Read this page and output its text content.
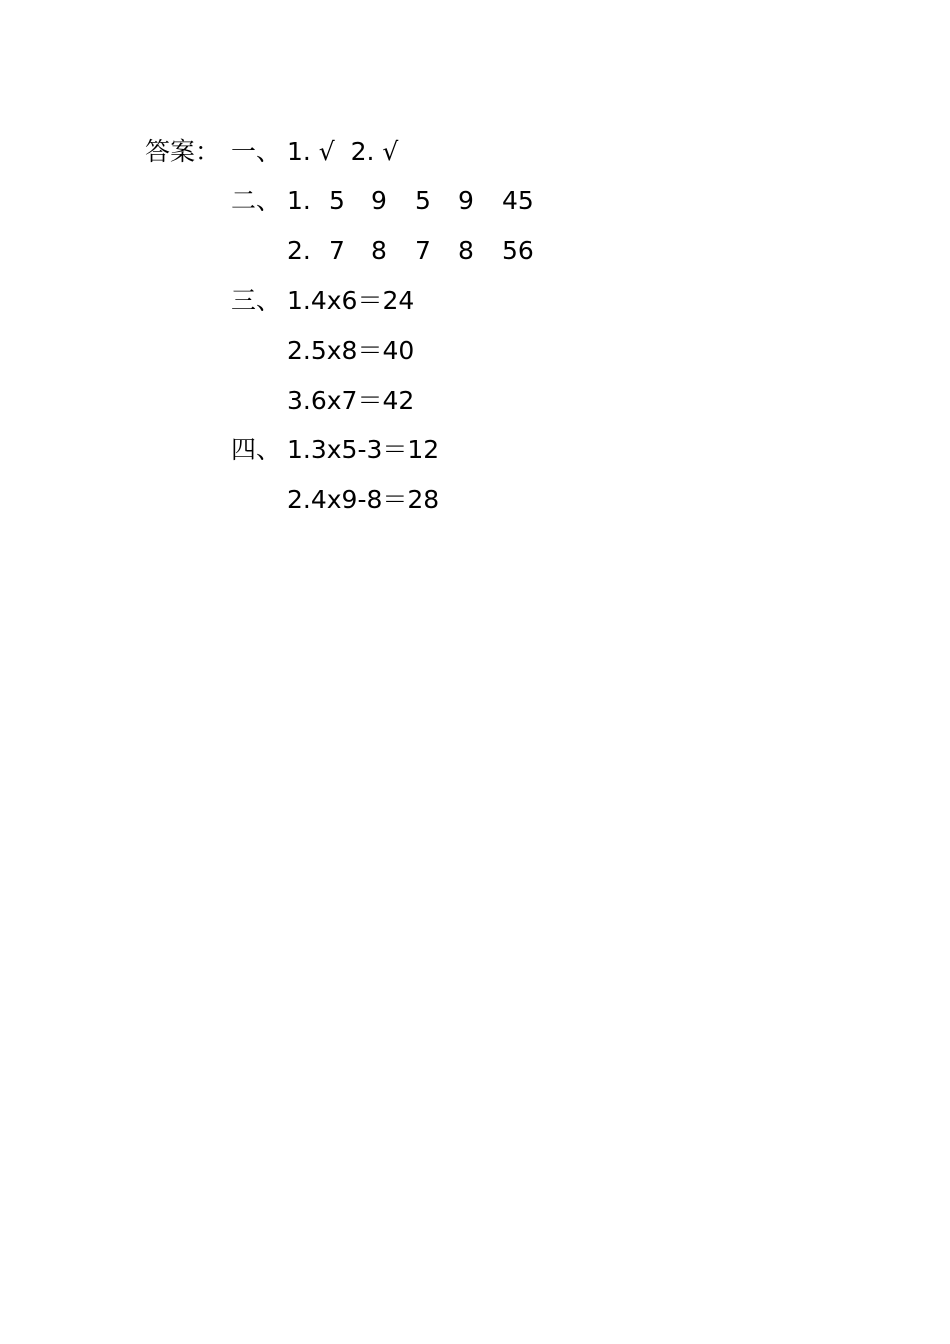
答案：

一、

1. √  2. √

二、

1.

5

9

5

9

45

2.

7

8

7

8

56

三、

1.4x6＝24

2.5x8＝40

3.6x7＝42

四、

1.3x5-3＝12

2.4x9-8＝28
